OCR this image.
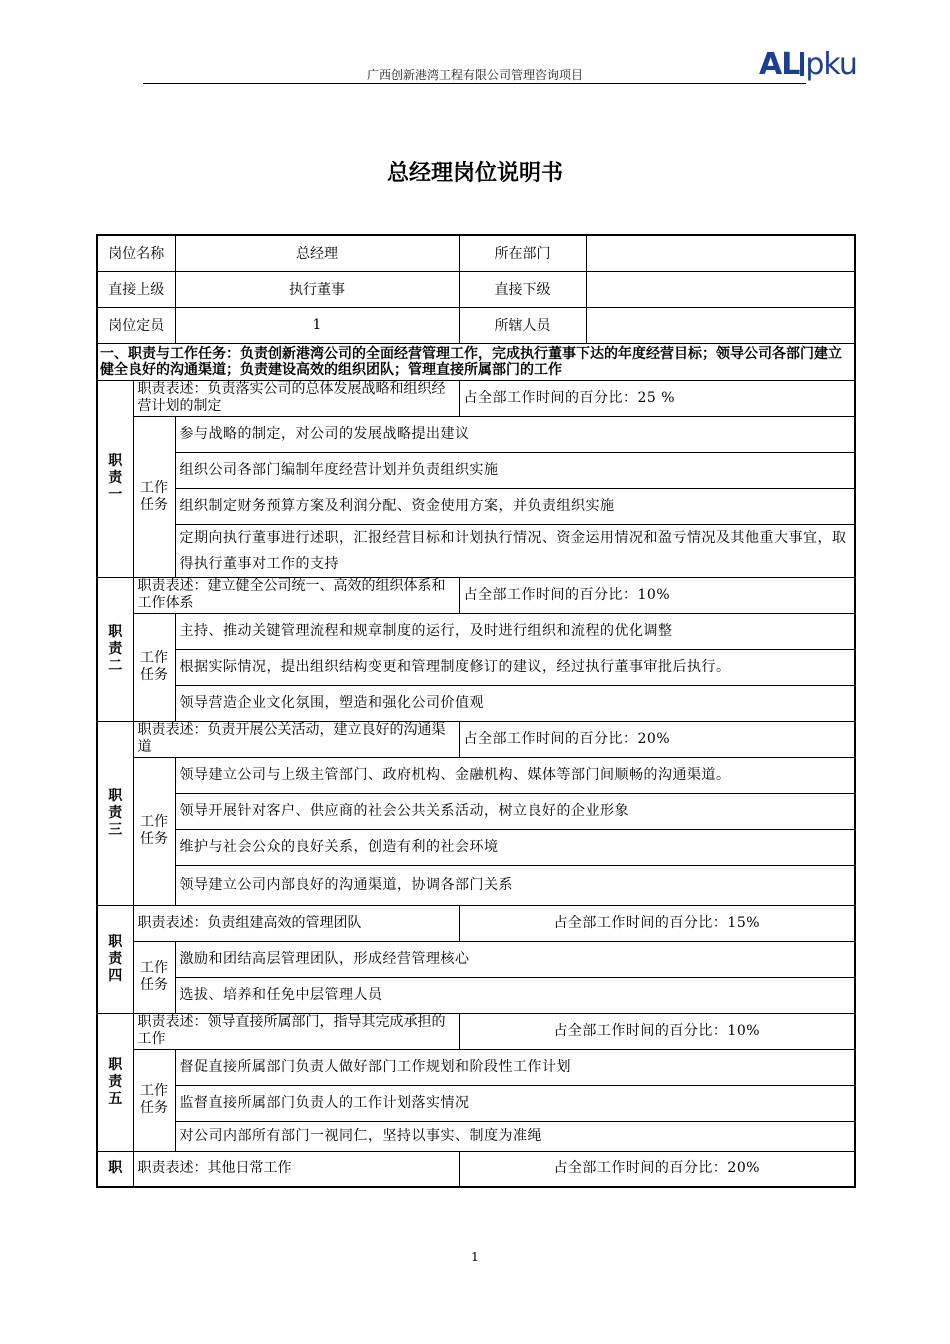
广西创新港湾工程有限公司管理咨询项目	AL pku
总经理岗位说明书
岗位名称		总经理	所在部门	
直接上级		执行董事	直接下级	
岗位定员		1	所辖人员	
一、职责与工作任务：负责创新港湾公司的全面经营管理工作，完成执行董事下达的年度经营目标；领导公司各部门建立健全良好的沟通渠道；负责建设高效的组织团队；管理直接所属部门的工作				

职责一	职责表述：负责落实公司的总体发展战略和组织经营计划的制定		占全部工作时间的百分比：25 %	

	工作任务	参与战略的制定，对公司的发展战略提出建议		
		组织公司各部门编制年度经营计划并负责组织实施		
		组织制定财务预算方案及利润分配、资金使用方案，并负责组织实施		
		定期向执行董事进行述职，汇报经营目标和计划执行情况、资金运用情况和盈亏情况及其他重大事宜，取得执行董事对工作的支持		

职责二	职责表述：建立健全公司统一、高效的组织体系和工作体系		占全部工作时间的百分比：10%	

	工作任务	主持、推动关键管理流程和规章制度的运行，及时进行组织和流程的优化调整		
		根据实际情况，提出组织结构变更和管理制度修订的建议，经过执行董事审批后执行。		
		领导营造企业文化氛围，塑造和强化公司价值观		

职责三	职责表述：负责开展公关活动，建立良好的沟通渠道		占全部工作时间的百分比：20%	

	工作任务	领导建立公司与上级主管部门、政府机构、金融机构、媒体等部门间顺畅的沟通渠道。		
		领导开展针对客户、供应商的社会公共关系活动，树立良好的企业形象		
		维护与社会公众的良好关系，创造有利的社会环境		
		领导建立公司内部良好的沟通渠道，协调各部门关系		

职责四	职责表述：负责组建高效的管理团队		占全部工作时间的百分比：15%	

	工作任务	激励和团结高层管理团队，形成经营管理核心		
		选拔、培养和任免中层管理人员		

职责五	职责表述：领导直接所属部门，指导其完成承担的工作		占全部工作时间的百分比：10%	

	工作任务	督促直接所属部门负责人做好部门工作规划和阶段性工作计划		
		监督直接所属部门负责人的工作计划落实情况		
		对公司内部所有部门一视同仁，坚持以事实、制度为准绳		

职	职责表述：其他日常工作		占全部工作时间的百分比：20%	
1
